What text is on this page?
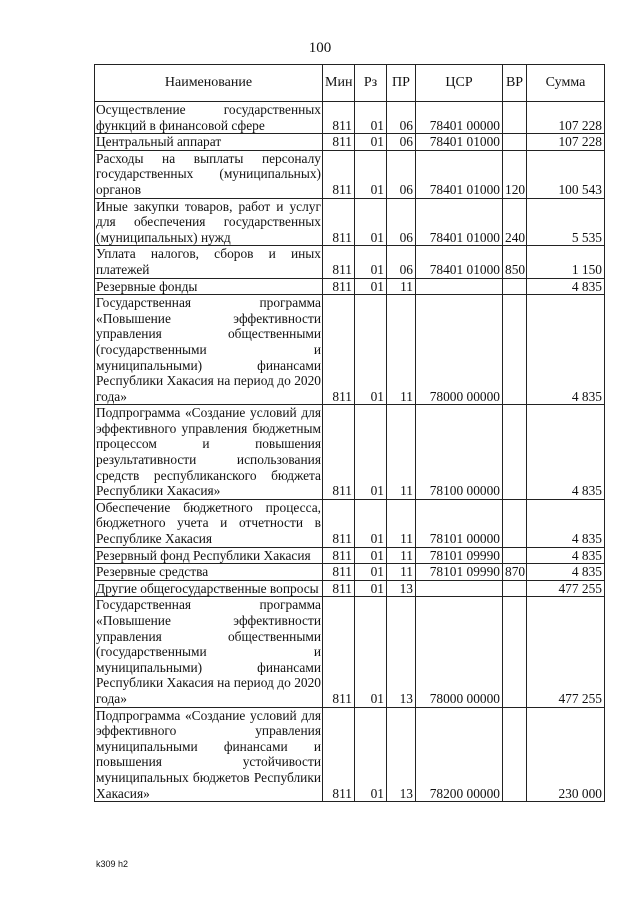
100
Наименование	Мин	Рз	ПР	ЦСР	ВР	Сумма
Осуществление государственных функций в финансовой сфере	811	01	06	78401 00000		107 228
Центральный аппарат	811	01	06	78401 01000		107 228
Расходы на выплаты персоналу государственных (муниципальных) органов	811	01	06	78401 01000	120	100 543
Иные закупки товаров, работ и услуг для обеспечения государственных (муниципальных) нужд	811	01	06	78401 01000	240	5 535
Уплата налогов, сборов и иных платежей	811	01	06	78401 01000	850	1 150
Резервные фонды	811	01	11			4 835
Государственная программа «Повышение эффективности управления общественными (государственными и муниципальными) финансами Республики Хакасия на период до 2020 года»	811	01	11	78000 00000		4 835
Подпрограмма «Создание условий для эффективного управления бюджетным процессом и повышения результативности использования средств республиканского бюджета Республики Хакасия»	811	01	11	78100 00000		4 835
Обеспечение бюджетного процесса, бюджетного учета и отчетности в Республике Хакасия	811	01	11	78101 00000		4 835
Резервный фонд Республики Хакасия	811	01	11	78101 09990		4 835
Резервные средства	811	01	11	78101 09990	870	4 835
Другие общегосударственные вопросы	811	01	13			477 255
Государственная программа «Повышение эффективности управления общественными (государственными и муниципальными) финансами Республики Хакасия на период до 2020 года»	811	01	13	78000 00000		477 255
Подпрограмма «Создание условий для эффективного управления муниципальными финансами и повышения устойчивости муниципальных бюджетов Республики Хакасия»	811	01	13	78200 00000		230 000
k309 h2
